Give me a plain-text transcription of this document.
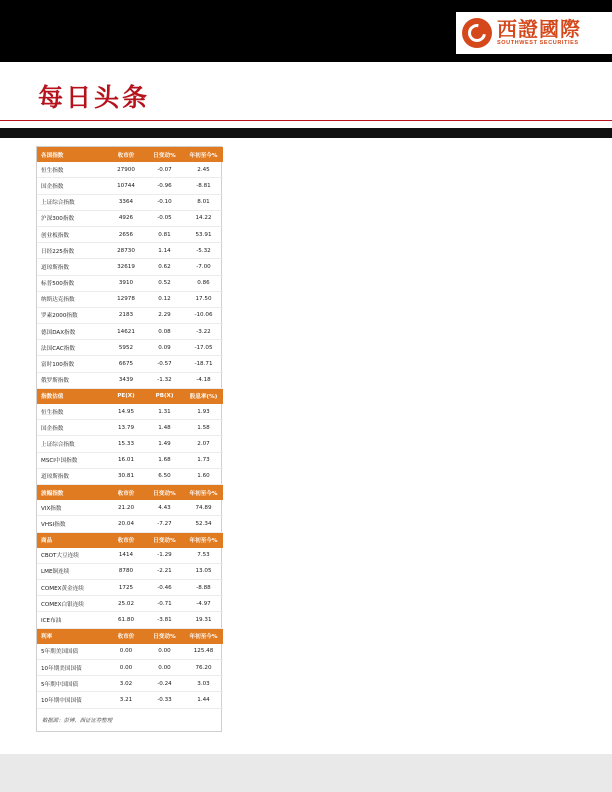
西證國際
SOUTHWEST SECURITIES
每日头条
各国指数	收市价	日变动%	年初至今%
恒生指数	27900	-0.07	2.45
国企指数	10744	-0.96	-8.81
上证综合指数	3364	-0.10	8.01
沪深300指数	4926	-0.05	14.22
创业板指数	2656	0.81	53.91
日经225指数	28730	1.14	-5.32
道琼斯指数	32619	0.62	-7.00
标普500指数	3910	0.52	0.86
纳斯达克指数	12978	0.12	17.50
罗素2000指数	2183	2.29	-10.06
德国DAX指数	14621	0.08	-3.22
法国CAC指数	5952	0.09	-17.05
富时100指数	6675	-0.57	-18.71
俄罗斯指数	3439	-1.32	-4.18
指数估值	PE(X)	PB(X)	股息率(%)
恒生指数	14.95	1.31	1.93
国企指数	13.79	1.48	1.58
上证综合指数	15.33	1.49	2.07
MSCI中国指数	16.01	1.68	1.73
道琼斯指数	30.81	6.50	1.60
波幅指数	收市价	日变动%	年初至今%
VIX指数	21.20	4.43	74.89
VHSI指数	20.04	-7.27	52.34
商品	收市价	日变动%	年初至今%
CBOT大豆连续	1414	-1.29	7.53
LME铜连续	8780	-2.21	13.05
COMEX黄金连续	1725	-0.46	-8.88
COMEX白银连续	25.02	-0.71	-4.97
ICE布油	61.80	-3.81	19.31
利率	收市价	日变动%	年初至今%
5年期美国国债	0.00	0.00	125.48
10年期美国国债	0.00	0.00	76.20
5年期中国国债	3.02	-0.24	3.03
10年期中国国债	3.21	-0.33	1.44
数据源：彭博、西证证券整理
